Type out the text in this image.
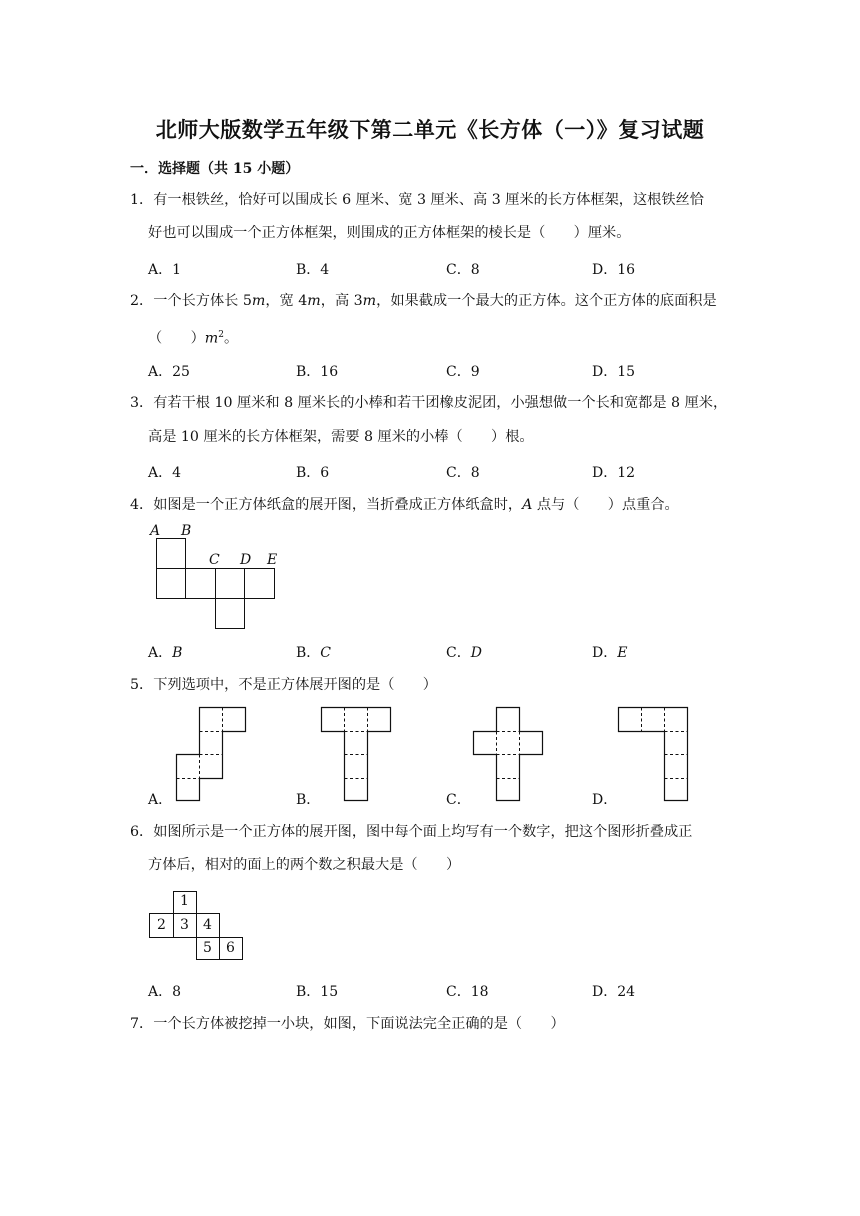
北师大版数学五年级下第二单元《长方体（一）》复习试题
一．选择题（共 15 小题）
1．有一根铁丝，恰好可以围成长 6 厘米、宽 3 厘米、高 3 厘米的长方体框架，这根铁丝恰
好也可以围成一个正方体框架，则围成的正方体框架的棱长是（　　）厘米。
A．1	B．4	C．8	D．16
2．一个长方体长 5m，宽 4m，高 3m，如果截成一个最大的正方体。这个正方体的底面积是
（　　）$m^2$。
A．25	B．16	C．9	D．15
3．有若干根 10 厘米和 8 厘米长的小棒和若干团橡皮泥团，小强想做一个长和宽都是 8 厘米，
高是 10 厘米的长方体框架，需要 8 厘米的小棒（　　）根。
A．4	B．6	C．8	D．12
4．如图是一个正方体纸盒的展开图，当折叠成正方体纸盒时，A 点与（　　）点重合。
A B
C D E
A．B	B．C	C．D	D．E
5．下列选项中，不是正方体展开图的是（　　）
A．	B．	C．	D．
6．如图所示是一个正方体的展开图，图中每个面上均写有一个数字，把这个图形折叠成正
方体后，相对的面上的两个数之积最大是（　　）
1
2 3 4
5 6
A．8	B．15	C．18	D．24
7．一个长方体被挖掉一小块，如图，下面说法完全正确的是（　　）
